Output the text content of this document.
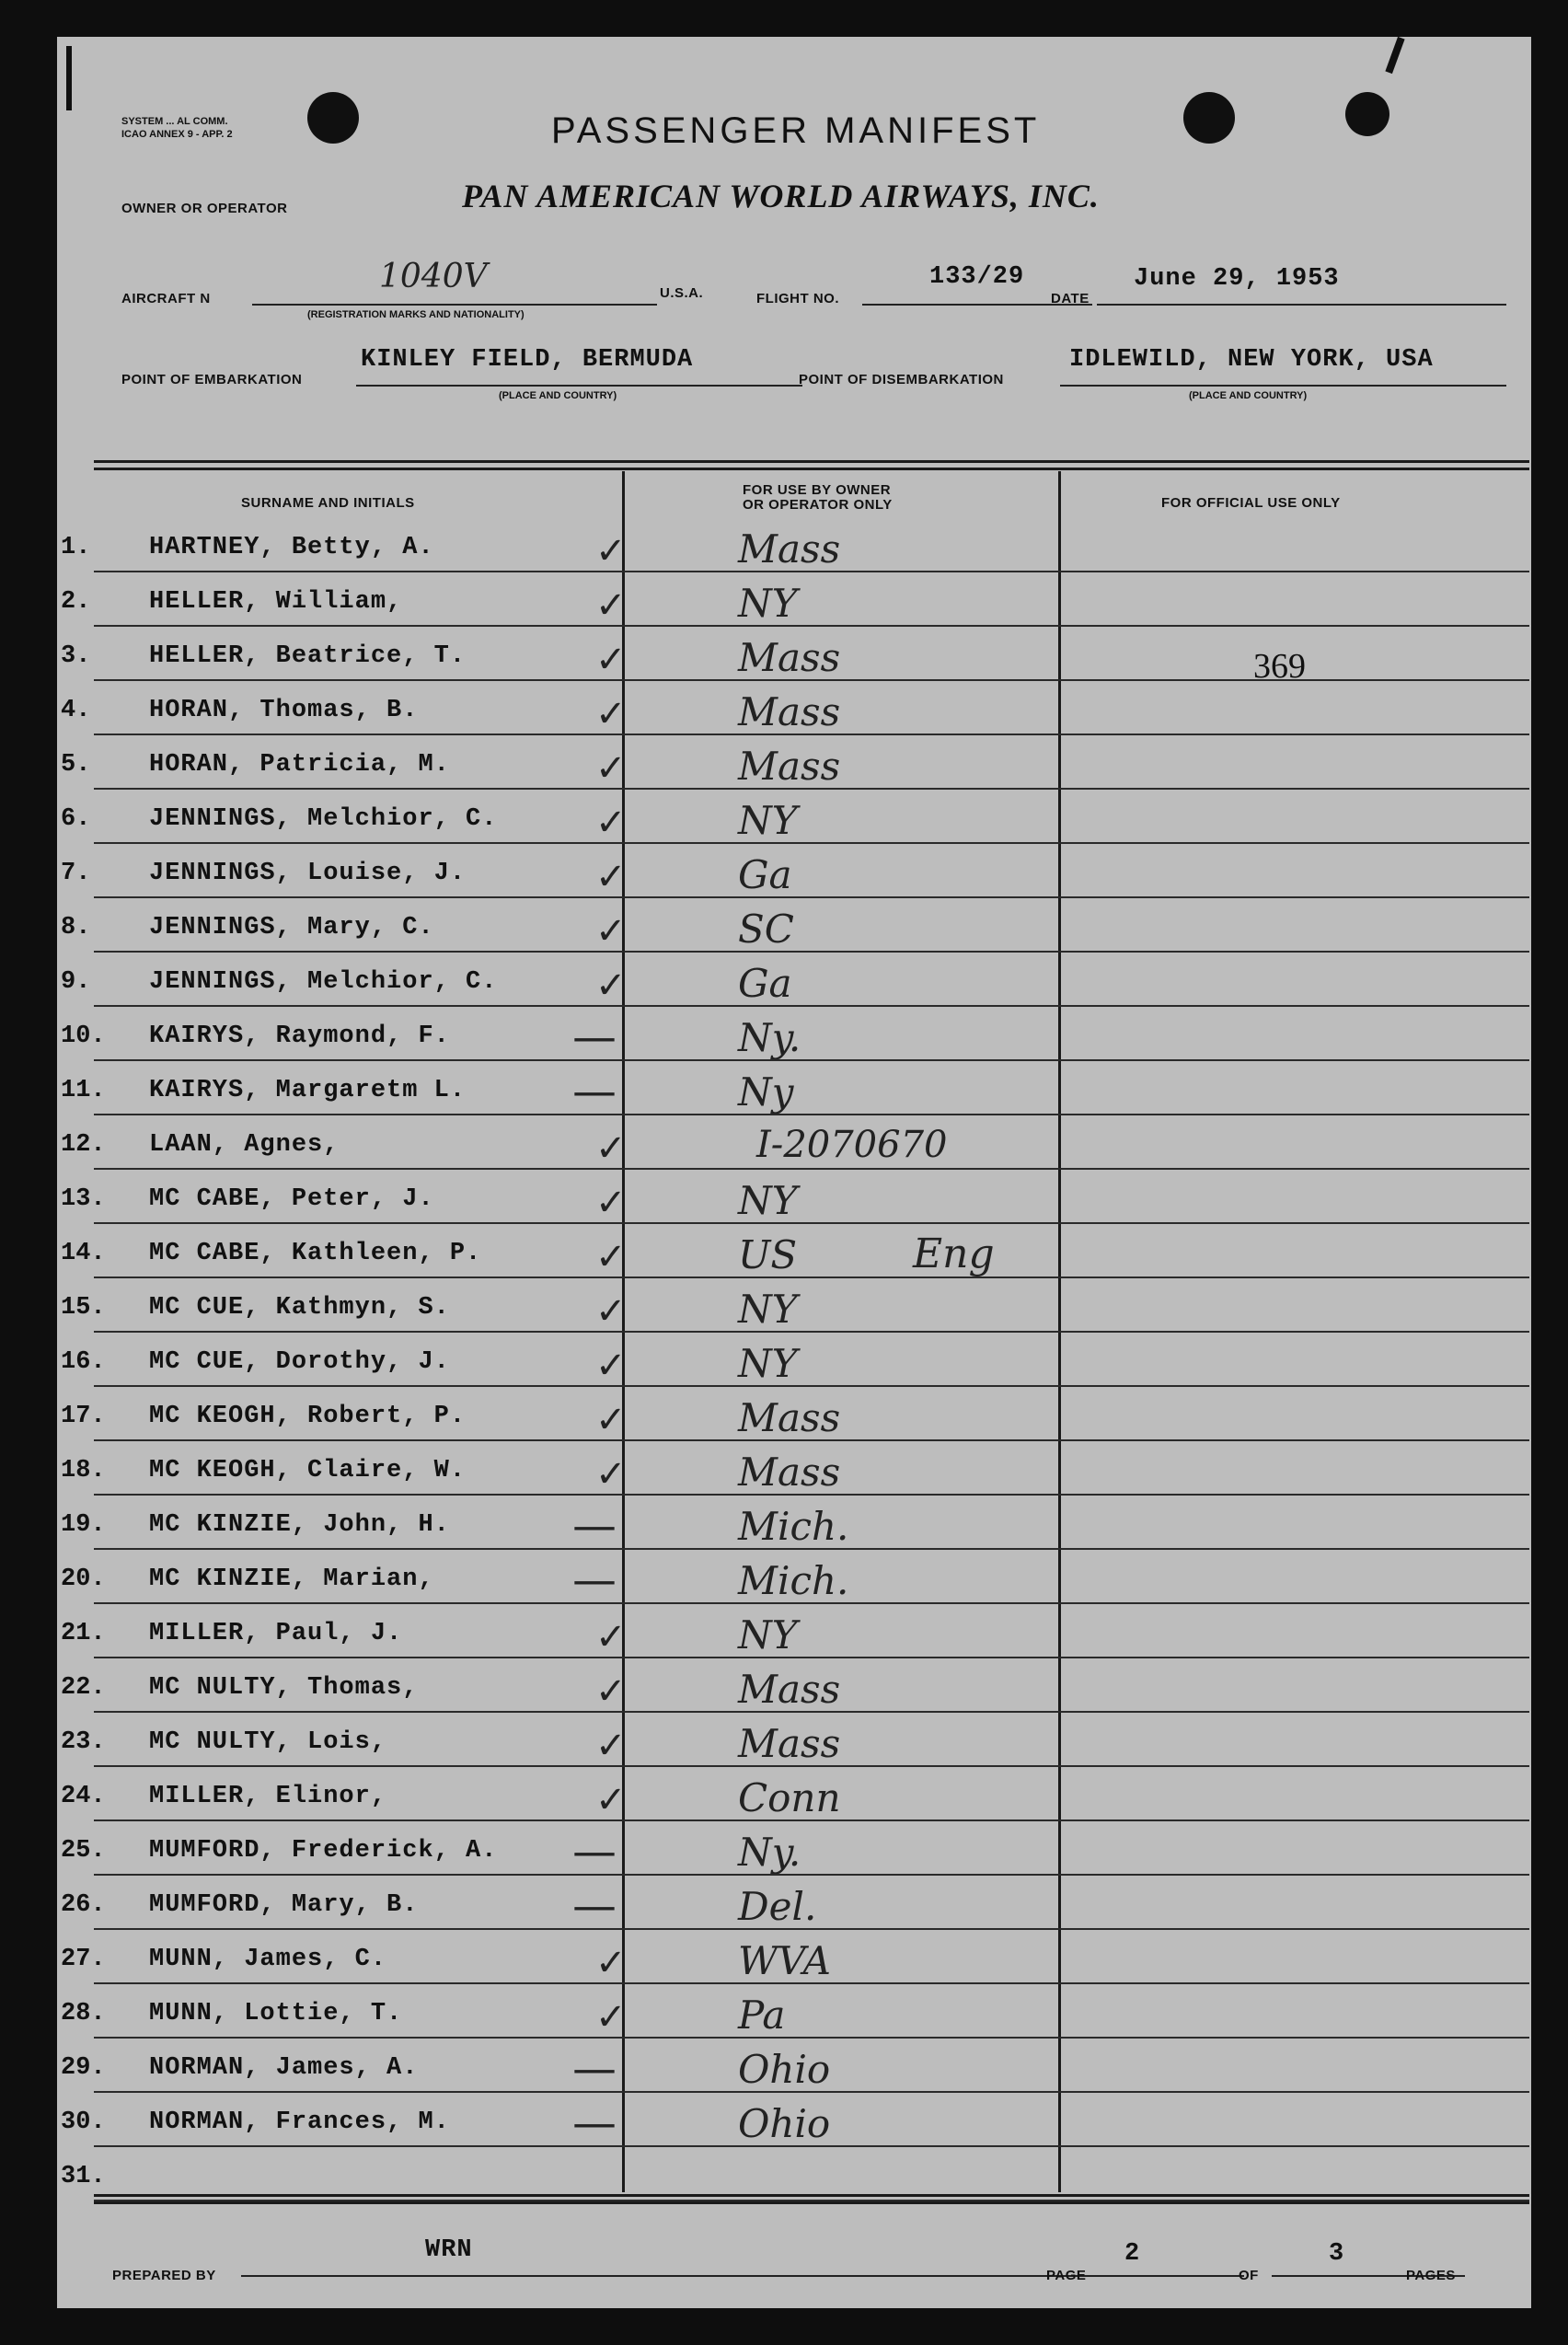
SYSTEM ... AL COMM.
ICAO ANNEX 9 - APP. 2	PASSENGER MANIFEST
OWNER OR OPERATOR	PAN AMERICAN WORLD AIRWAYS, INC.
AIRCRAFT N
1040V
(REGISTRATION MARKS AND NATIONALITY)
U.S.A.	FLIGHT NO.
133/29
DATE
June 29, 1953
POINT OF EMBARKATION
KINLEY FIELD, BERMUDA
(PLACE AND COUNTRY)
POINT OF DISEMBARKATION
IDLEWILD, NEW YORK, USA
(PLACE AND COUNTRY)
SURNAME AND INITIALS
FOR USE BY OWNER
OR OPERATOR ONLY	FOR OFFICIAL USE ONLY
369
1. HARTNEY, Betty, A.	✓	Mass
2. HELLER, William,	✓	NY
3. HELLER, Beatrice, T.	✓	Mass
4. HORAN, Thomas, B.	✓	Mass
5. HORAN, Patricia, M.	✓	Mass
6. JENNINGS, Melchior, C.	✓	NY
7. JENNINGS, Louise, J.	✓	Ga
8. JENNINGS, Mary, C.	✓	SC
9. JENNINGS, Melchior, C.	✓	Ga
10. KAIRYS, Raymond, F.	—	Ny.
11. KAIRYS, Margaretm L. —	Ny
12. LAAN, Agnes,	✓	I-2070670
13. MC CABE, Peter, J.	✓	NY
14. MC CABE, Kathleen, P.	✓	US	Eng
15. MC CUE, Kathmyn, S.	✓	NY
16. MC CUE, Dorothy, J.	✓	NY
17. MC KEOGH, Robert, P.	✓	Mass
18. MC KEOGH, Claire, W.	✓	Mass
19. MC KINZIE, John, H.	—	Mich.
20. MC KINZIE, Marian,	—	Mich.
21. MILLER, Paul, J.	✓	NY
22. MC NULTY, Thomas,	✓	Mass
23. MC NULTY, Lois,	✓	Mass
24. MILLER, Elinor,	✓	Conn
25. MUMFORD, Frederick, A. —	Ny.
26. MUMFORD, Mary, B.	—	Del.
27. MUNN, James, C.	✓	WVA
28. MUNN, Lottie, T.	✓	Pa
29. NORMAN, James, A.	—	Ohio
30. NORMAN, Frances, M.	—	Ohio
31.
PREPARED BY
WRN
PAGE
2
OF
3
PAGES
